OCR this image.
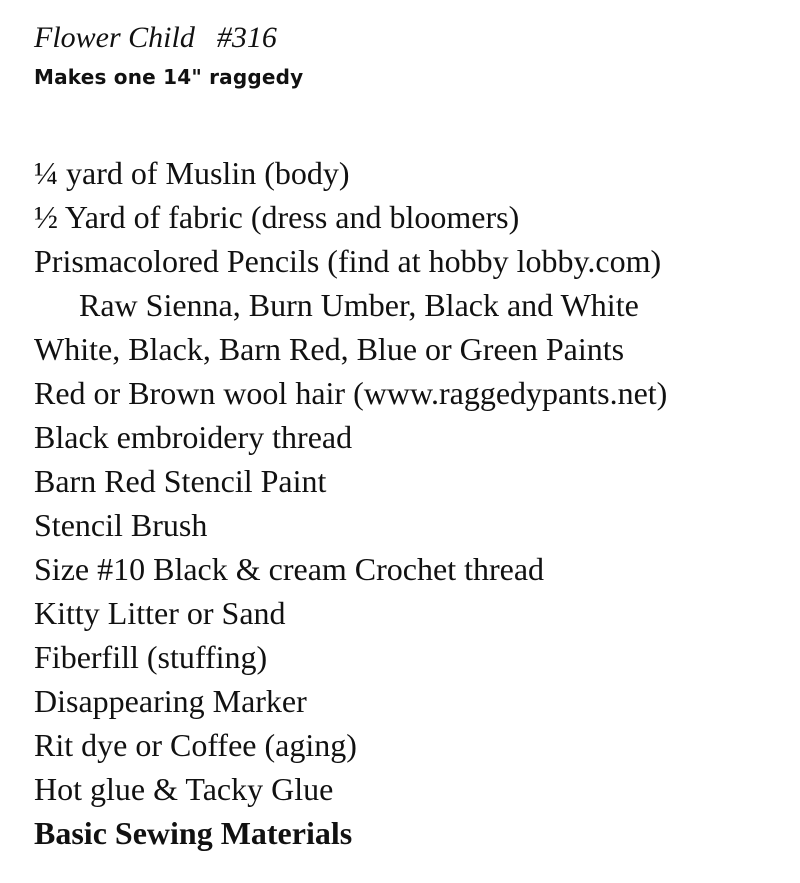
Flower Child #316
Makes one 14" raggedy
¼ yard of Muslin (body)
½ Yard of fabric (dress and bloomers)
Prismacolored Pencils (find at hobby lobby.com)
Raw Sienna, Burn Umber, Black and White
White, Black, Barn Red, Blue or Green Paints
Red or Brown wool hair (www.raggedypants.net)
Black embroidery thread
Barn Red Stencil Paint
Stencil Brush
Size #10 Black & cream Crochet thread
Kitty Litter or Sand
Fiberfill (stuffing)
Disappearing Marker
Rit dye or Coffee (aging)
Hot glue & Tacky Glue
Basic Sewing Materials
